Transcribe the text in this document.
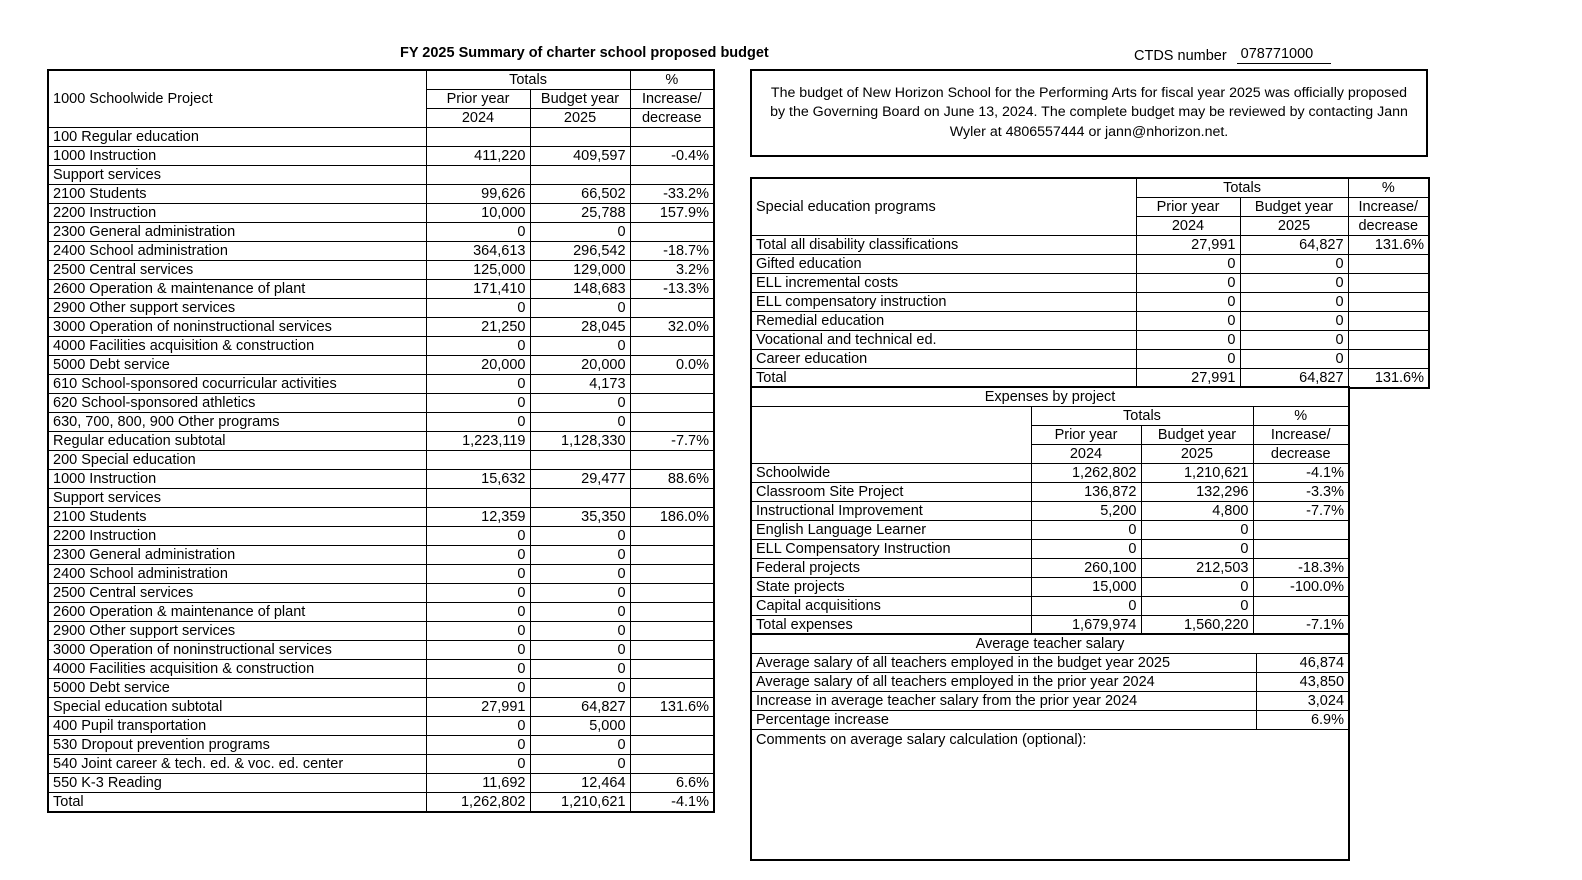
FY 2025 Summary of charter school proposed budget	CTDS number 078771000
1000 Schoolwide Project	Totals		%
	Prior year	Budget year	Increase/
	2024	2025	decrease
100 Regular education			
1000 Instruction	411,220	409,597	-0.4%
Support services			
2100 Students	99,626	66,502	-33.2%
2200 Instruction	10,000	25,788	157.9%
2300 General administration	0	0	
2400 School administration	364,613	296,542	-18.7%
2500 Central services	125,000	129,000	3.2%
2600 Operation & maintenance of plant	171,410	148,683	-13.3%
2900 Other support services	0	0	
3000 Operation of noninstructional services	21,250	28,045	32.0%
4000 Facilities acquisition & construction	0	0	
5000 Debt service	20,000	20,000	0.0%
610 School-sponsored cocurricular activities	0	4,173	
620 School-sponsored athletics	0	0	
630, 700, 800, 900 Other programs	0	0	
Regular education subtotal	1,223,119	1,128,330	-7.7%
200 Special education			
1000 Instruction	15,632	29,477	88.6%
Support services			
2100 Students	12,359	35,350	186.0%
2200 Instruction	0	0	
2300 General administration	0	0	
2400 School administration	0	0	
2500 Central services	0	0	
2600 Operation & maintenance of plant	0	0	
2900 Other support services	0	0	
3000 Operation of noninstructional services	0	0	
4000 Facilities acquisition & construction	0	0	
5000 Debt service	0	0	
Special education subtotal	27,991	64,827	131.6%
400 Pupil transportation	0	5,000	
530 Dropout prevention programs	0	0	
540 Joint career & tech. ed. & voc. ed. center	0	0	
550 K-3 Reading	11,692	12,464	6.6%
Total	1,262,802	1,210,621	-4.1%
The budget of New Horizon School for the Performing Arts for fiscal year 2025 was officially proposed by the Governing Board on June 13, 2024. The complete budget may be reviewed by contacting Jann Wyler at 4806557444 or jann@nhorizon.net.
Special education programs	Totals		%
	Prior year	Budget year	Increase/
	2024	2025	decrease
Total all disability classifications	27,991	64,827	131.6%
Gifted education	0	0	
ELL incremental costs	0	0	
ELL compensatory instruction	0	0	
Remedial education	0	0	
Vocational and technical ed.	0	0	
Career education	0	0	
Total	27,991	64,827	131.6%
Expenses by project			
	Totals		%
	Prior year	Budget year	Increase/
	2024	2025	decrease
Schoolwide	1,262,802	1,210,621	-4.1%
Classroom Site Project	136,872	132,296	-3.3%
Instructional Improvement	5,200	4,800	-7.7%
English Language Learner	0	0	
ELL Compensatory Instruction	0	0	
Federal projects	260,100	212,503	-18.3%
State projects	15,000	0	-100.0%
Capital acquisitions	0	0	
Total expenses	1,679,974	1,560,220	-7.1%
Average teacher salary	
Average salary of all teachers employed in the budget year 2025	46,874
Average salary of all teachers employed in the prior year 2024	43,850
Increase in average teacher salary from the prior year 2024	3,024
Percentage increase	6.9%

Comments on average salary calculation (optional):	
